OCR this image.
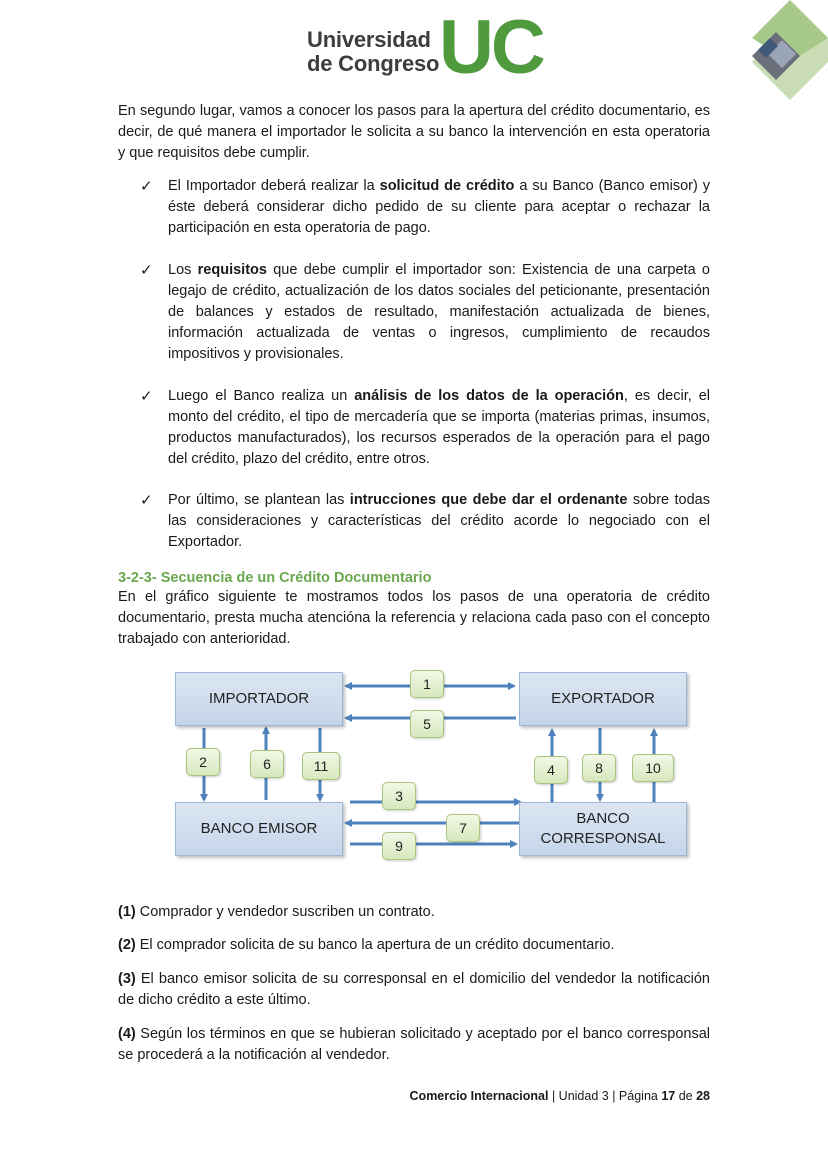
Universidad
de Congreso UC

En segundo lugar, vamos a conocer los pasos para la apertura del crédito documentario, es decir, de qué manera el importador le solicita a su banco la intervención en esta operatoria y que requisitos debe cumplir.

✓	El Importador deberá realizar la solicitud de crédito a su Banco (Banco emisor) y éste deberá considerar dicho pedido de su cliente para aceptar o rechazar la participación en esta operatoria de pago.
✓	Los requisitos que debe cumplir el importador son: Existencia de una carpeta o legajo de crédito, actualización de los datos sociales del peticionante, presentación de balances y estados de resultado, manifestación actualizada de bienes, información actualizada de ventas o ingresos, cumplimiento de recaudos impositivos y provisionales.
✓	Luego el Banco realiza un análisis de los datos de la operación, es decir, el monto del crédito, el tipo de mercadería que se importa (materias primas, insumos, productos manufacturados), los recursos esperados de la operación para el pago del crédito, plazo del crédito, entre otros.
✓	Por último, se plantean las intrucciones que debe dar el ordenante sobre todas las consideraciones y características del crédito acorde lo negociado con el Exportador.
3-2-3- Secuencia de un Crédito Documentario

En el gráfico siguiente te mostramos todos los pasos de una operatoria de crédito documentario, presta mucha atencióna la referencia y relaciona cada paso con el concepto trabajado con anterioridad.

IMPORTADOR	EXPORTADOR
BANCO EMISOR
BANCO
CORRESPONSAL
1
5
2	6	11
3
7
9
4	8	10

(1) Comprador y vendedor suscriben un contrato.

(2) El comprador solicita de su banco la apertura de un crédito documentario.

(3) El banco emisor solicita de su corresponsal en el domicilio del vendedor la notificación de dicho crédito a este último.

(4) Según los términos en que se hubieran solicitado y aceptado por el banco corresponsal se procederá a la notificación al vendedor.

Comercio Internacional | Unidad 3 | Página 17 de 28
